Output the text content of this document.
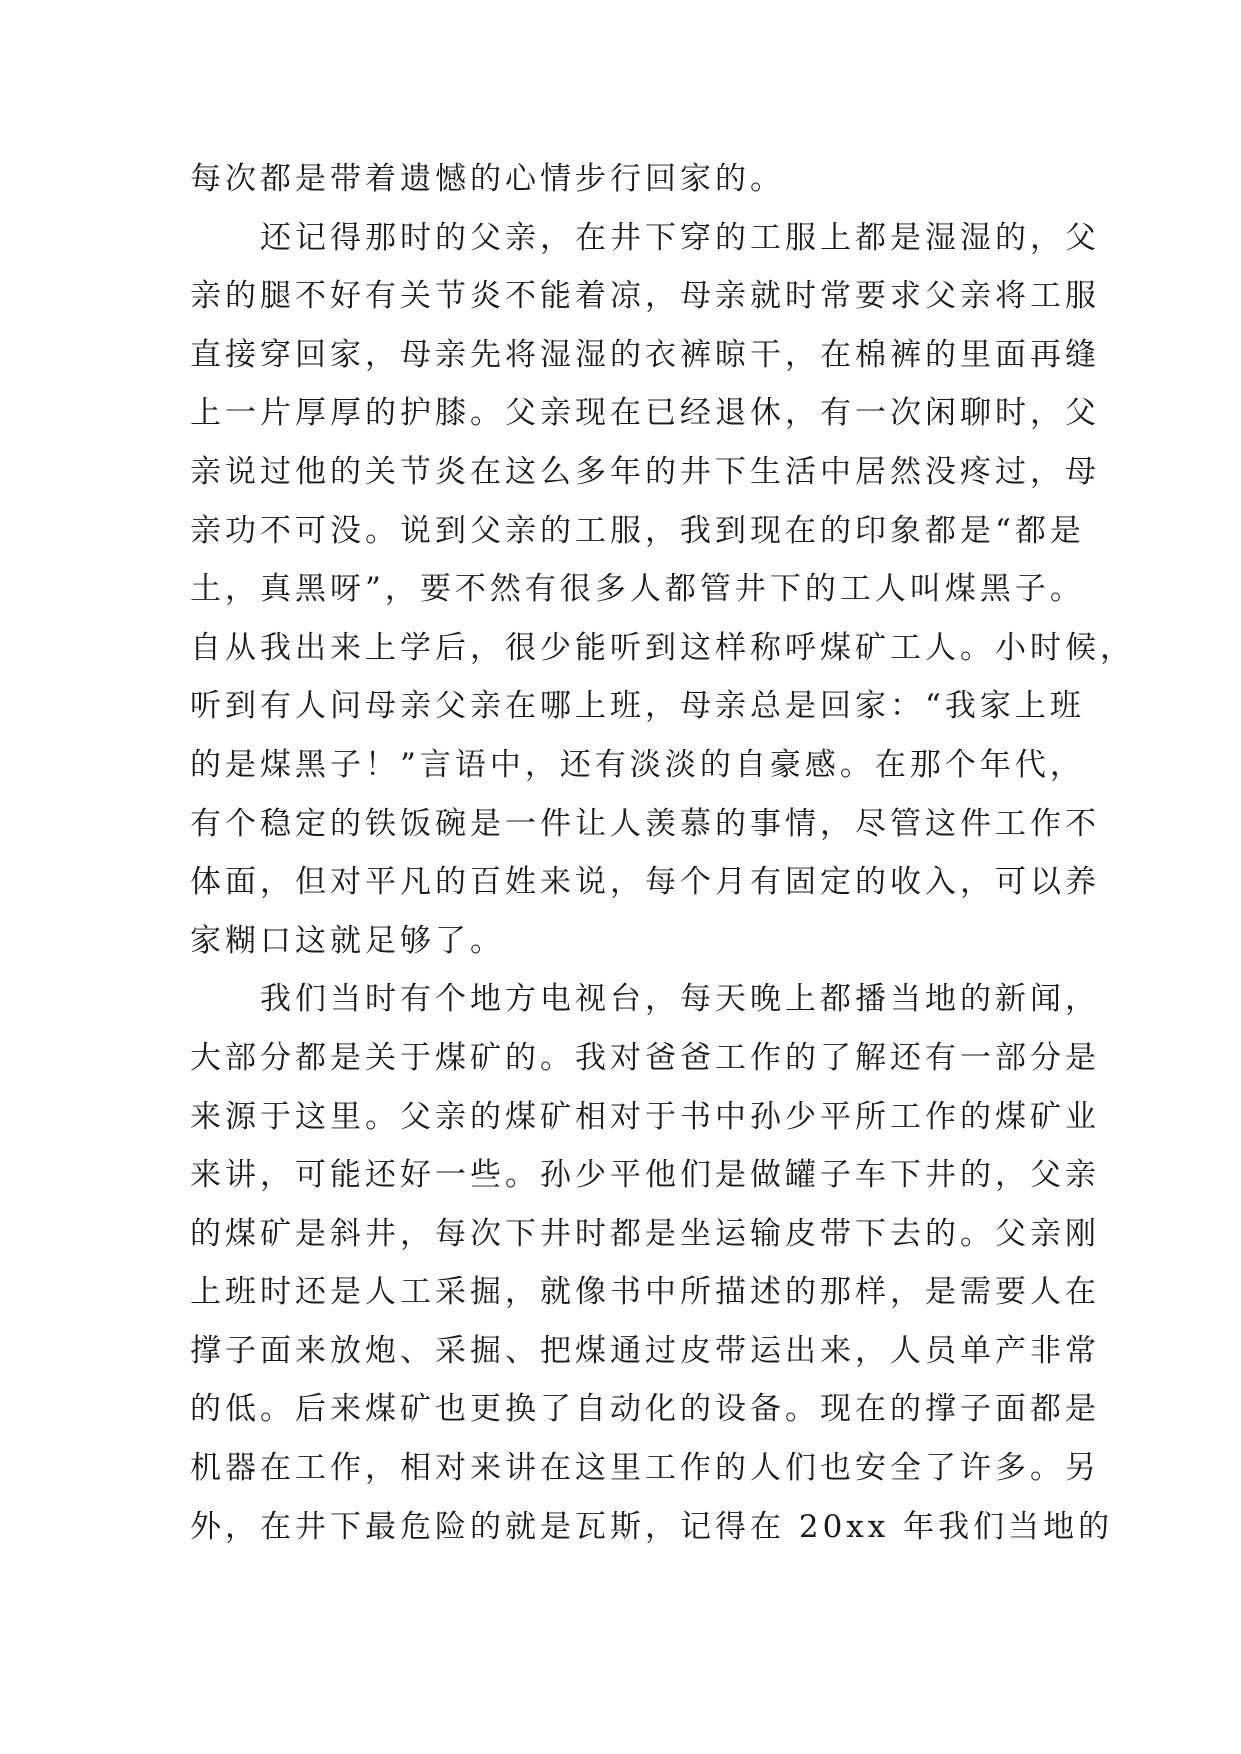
每次都是带着遗憾的心情步行回家的。
还记得那时的父亲，在井下穿的工服上都是湿湿的，父
亲的腿不好有关节炎不能着凉，母亲就时常要求父亲将工服
直接穿回家，母亲先将湿湿的衣裤晾干，在棉裤的里面再缝
上一片厚厚的护膝。父亲现在已经退休，有一次闲聊时，父
亲说过他的关节炎在这么多年的井下生活中居然没疼过，母
亲功不可没。说到父亲的工服，我到现在的印象都是“都是
土，真黑呀”，要不然有很多人都管井下的工人叫煤黑子。
自从我出来上学后，很少能听到这样称呼煤矿工人。小时候，
听到有人问母亲父亲在哪上班，母亲总是回家：“我家上班
的是煤黑子！”言语中，还有淡淡的自豪感。在那个年代，
有个稳定的铁饭碗是一件让人羡慕的事情，尽管这件工作不
体面，但对平凡的百姓来说，每个月有固定的收入，可以养
家糊口这就足够了。
我们当时有个地方电视台，每天晚上都播当地的新闻，
大部分都是关于煤矿的。我对爸爸工作的了解还有一部分是
来源于这里。父亲的煤矿相对于书中孙少平所工作的煤矿业
来讲，可能还好一些。孙少平他们是做罐子车下井的，父亲
的煤矿是斜井，每次下井时都是坐运输皮带下去的。父亲刚
上班时还是人工采掘，就像书中所描述的那样，是需要人在
撑子面来放炮、采掘、把煤通过皮带运出来，人员单产非常
的低。后来煤矿也更换了自动化的设备。现在的撑子面都是
机器在工作，相对来讲在这里工作的人们也安全了许多。另
外，在井下最危险的就是瓦斯，记得在 20xx 年我们当地的
